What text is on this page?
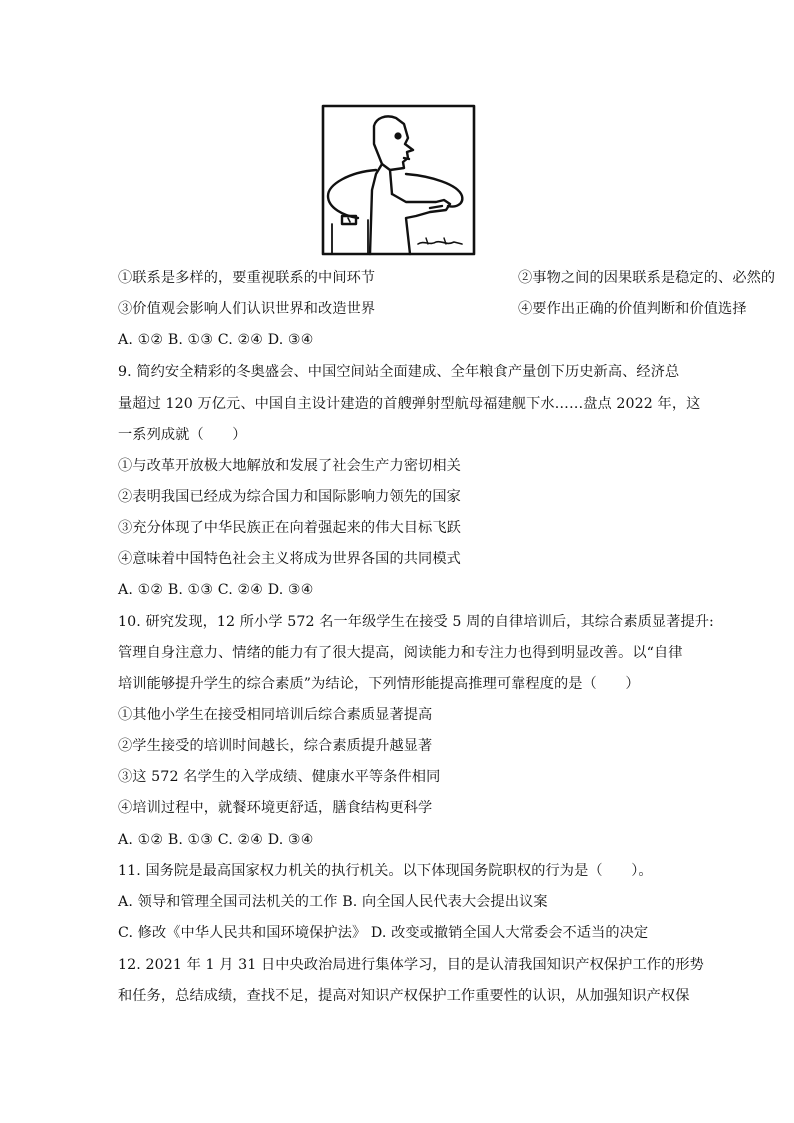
①联系是多样的，要重视联系的中间环节	②事物之间的因果联系是稳定的、必然的
③价值观会影响人们认识世界和改造世界	④要作出正确的价值判断和价值选择
A. ①② B. ①③ C. ②④ D. ③④
9. 简约安全精彩的冬奥盛会、中国空间站全面建成、全年粮食产量创下历史新高、经济总
量超过 120 万亿元、中国自主设计建造的首艘弹射型航母福建舰下水……盘点 2022 年，这
一系列成就（　　）
①与改革开放极大地解放和发展了社会生产力密切相关
②表明我国已经成为综合国力和国际影响力领先的国家
③充分体现了中华民族正在向着强起来的伟大目标飞跃
④意味着中国特色社会主义将成为世界各国的共同模式
A. ①② B. ①③ C. ②④ D. ③④
10. 研究发现，12 所小学 572 名一年级学生在接受 5 周的自律培训后，其综合素质显著提升:
管理自身注意力、情绪的能力有了很大提高，阅读能力和专注力也得到明显改善。以“自律
培训能够提升学生的综合素质”为结论，下列情形能提高推理可靠程度的是（　　）
①其他小学生在接受相同培训后综合素质显著提高
②学生接受的培训时间越长，综合素质提升越显著
③这 572 名学生的入学成绩、健康水平等条件相同
④培训过程中，就餐环境更舒适，膳食结构更科学
A. ①② B. ①③ C. ②④ D. ③④
11. 国务院是最高国家权力机关的执行机关。以下体现国务院职权的行为是（　　）。
A. 领导和管理全国司法机关的工作 B. 向全国人民代表大会提出议案
C. 修改《中华人民共和国环境保护法》 D. 改变或撤销全国人大常委会不适当的决定
12. 2021 年 1 月 31 日中央政治局进行集体学习，目的是认清我国知识产权保护工作的形势
和任务，总结成绩，查找不足，提高对知识产权保护工作重要性的认识，从加强知识产权保
